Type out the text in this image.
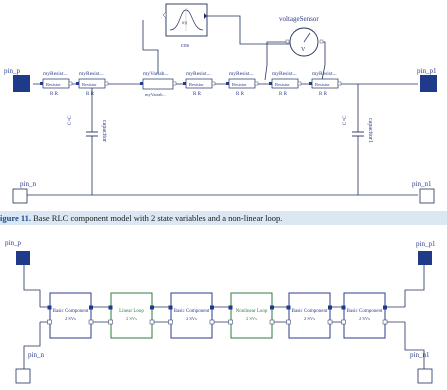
f(t)
cos
voltageSensor
V
pin_p	pin_p1
pin_n	pin_n1
myResist...
Resistor
R R
myResist...
Resistor
R R
myVariab...
myVariab...
myResist...
Resistor
R R
myResist...
Resistor
R R
myResist...
Resistor
R R
myResist...
Resistor
R R
C=C	capacitor	C=C	capacitor1
pin_p	pin_p1
pin_n	pin_n1
Basic Component
2 SVs
Linear Loop
2 SVs
Basic Component
2 SVs
Nonlinear Loop
2 SVs
Basic Component
2 SVs
Basic Component
2 SVs
igure 11. Base RLC component model with 2 state variables and a non-linear loop.
